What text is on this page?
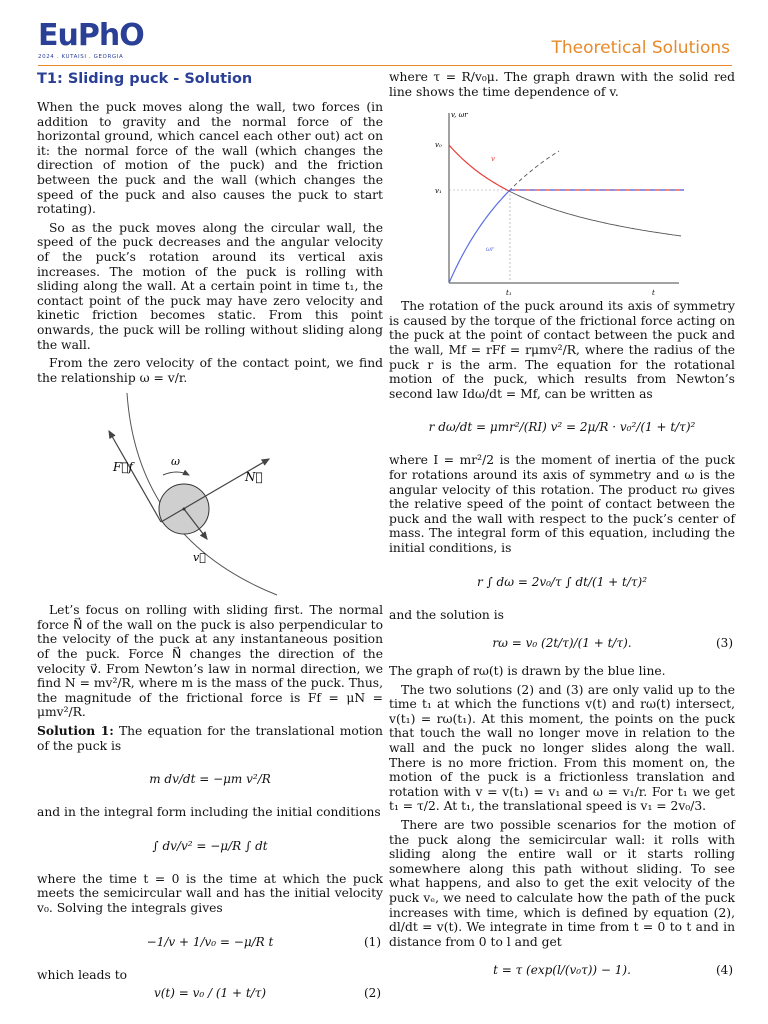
EuPhO
2024 . KUTAISI . GEORGIA	Theoretical Solutions
T1: Sliding puck - Solution

When the puck moves along the wall, two forces (in addition to gravity and the normal force of the horizontal ground, which cancel each other out) act on it: the normal force of the wall (which changes the direction of motion of the puck) and the friction between the puck and the wall (which changes the speed of the puck and also causes the puck to start rotating).

So as the puck moves along the circular wall, the speed of the puck decreases and the angular velocity of the puck’s rotation around its vertical axis increases. The motion of the puck is rolling with sliding along the wall. At a certain point in time t₁, the contact point of the puck may have zero velocity and kinetic friction becomes static. From this point onwards, the puck will be rolling without sliding along the wall.

From the zero velocity of the contact point, we find the relationship ω = v/r.

F⃗f	ω
N⃗
v⃗

Let’s focus on rolling with sliding first. The normal force N⃗ of the wall on the puck is also perpendicular to the velocity of the puck at any instantaneous position of the puck. Force N⃗ changes the direction of the velocity v⃗. From Newton’s law in normal direction, we find N = mv²/R, where m is the mass of the puck. Thus, the magnitude of the frictional force is Ff = μN = μmv²/R.

Solution 1: The equation for the translational motion of the puck is

m dv/dt = −μm v²/R

and in the integral form including the initial conditions

∫ dv/v² = −μ/R ∫ dt

where the time t = 0 is the time at which the puck meets the semicircular wall and has the initial velocity v₀. Solving the integrals gives

−1/v + 1/v₀ = −μ/R t	(1)

which leads to

v(t) = v₀ / (1 + t/τ)	(2)

where τ = R/v₀μ. The graph drawn with the solid red line shows the time dependence of v.

v, ωr
v₀
v₁
v
ωr
t₁	t

The rotation of the puck around its axis of symmetry is caused by the torque of the frictional force acting on the puck at the point of contact between the puck and the wall, Mf = rFf = rμmv²/R, where the radius of the puck r is the arm. The equation for the rotational motion of the puck, which results from Newton’s second law Idω/dt = Mf, can be written as

r dω/dt = μmr²/(RI) v² = 2μ/R · v₀²/(1 + t/τ)²

where I = mr²/2 is the moment of inertia of the puck for rotations around its axis of symmetry and ω is the angular velocity of this rotation. The product rω gives the relative speed of the point of contact between the puck and the wall with respect to the puck’s center of mass. The integral form of this equation, including the initial conditions, is

r ∫ dω = 2v₀/τ ∫ dt/(1 + t/τ)²

and the solution is

rω = v₀ (2t/τ)/(1 + t/τ).	(3)

The graph of rω(t) is drawn by the blue line.

The two solutions (2) and (3) are only valid up to the time t₁ at which the functions v(t) and rω(t) intersect, v(t₁) = rω(t₁). At this moment, the points on the puck that touch the wall no longer move in relation to the wall and the puck no longer slides along the wall. There is no more friction. From this moment on, the motion of the puck is a frictionless translation and rotation with v = v(t₁) = v₁ and ω = v₁/r. For t₁ we get t₁ = τ/2. At t₁, the translational speed is v₁ = 2v₀/3.

There are two possible scenarios for the motion of the puck along the semicircular wall: it rolls with sliding along the entire wall or it starts rolling somewhere along this path without sliding. To see what happens, and also to get the exit velocity of the puck vₑ, we need to calculate how the path of the puck increases with time, which is defined by equation (2), dl/dt = v(t). We integrate in time from t = 0 to t and in distance from 0 to l and get

t = τ (exp(l/(v₀τ)) − 1).	(4)
